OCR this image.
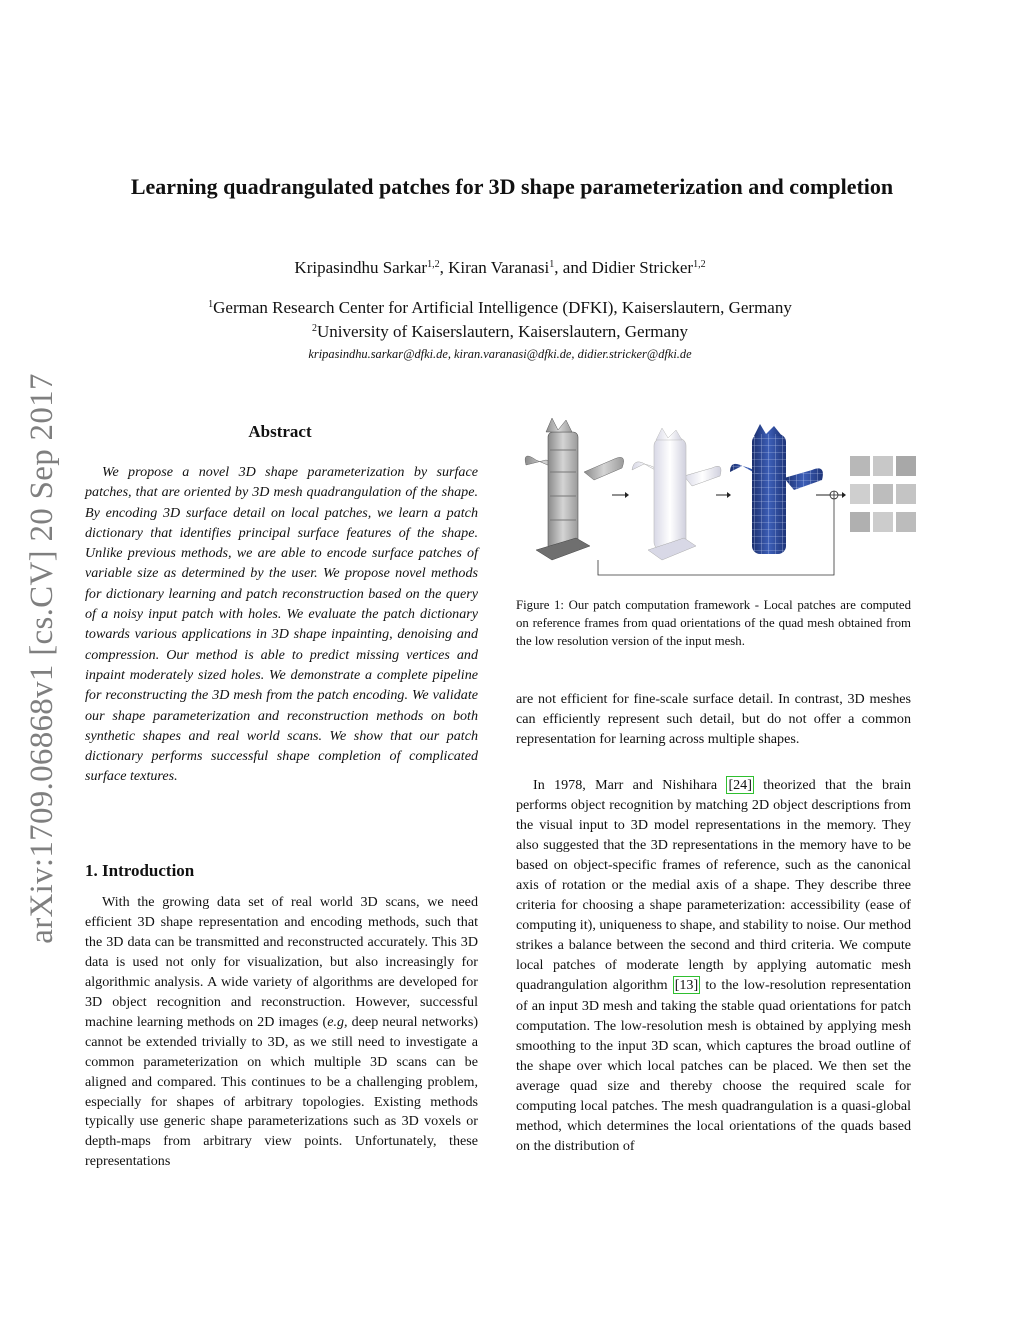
arXiv:1709.06868v1 [cs.CV] 20 Sep 2017
Learning quadrangulated patches for 3D shape parameterization and completion
Kripasindhu Sarkar$^{1,2}$, Kiran Varanasi$^1$, and Didier Stricker$^{1,2}$
$^1$German Research Center for Artificial Intelligence (DFKI), Kaiserslautern, Germany
$^2$University of Kaiserslautern, Kaiserslautern, Germany
kripasindhu.sarkar@dfki.de, kiran.varanasi@dfki.de, didier.stricker@dfki.de
Abstract
We propose a novel 3D shape parameterization by surface patches, that are oriented by 3D mesh quadrangulation of the shape. By encoding 3D surface detail on local patches, we learn a patch dictionary that identifies principal surface features of the shape. Unlike previous methods, we are able to encode surface patches of variable size as determined by the user. We propose novel methods for dictionary learning and patch reconstruction based on the query of a noisy input patch with holes. We evaluate the patch dictionary towards various applications in 3D shape inpainting, denoising and compression. Our method is able to predict missing vertices and inpaint moderately sized holes. We demonstrate a complete pipeline for reconstructing the 3D mesh from the patch encoding. We validate our shape parameterization and reconstruction methods on both synthetic shapes and real world scans. We show that our patch dictionary performs successful shape completion of complicated surface textures.
1. Introduction
With the growing data set of real world 3D scans, we need efficient 3D shape representation and encoding methods, such that the 3D data can be transmitted and reconstructed accurately. This 3D data is used not only for visualization, but also increasingly for algorithmic analysis. A wide variety of algorithms are developed for 3D object recognition and reconstruction. However, successful machine learning methods on 2D images (e.g, deep neural networks) cannot be extended trivially to 3D, as we still need to investigate a common parameterization on which multiple 3D scans can be aligned and compared. This continues to be a challenging problem, especially for shapes of arbitrary topologies. Existing methods typically use generic shape parameterizations such as 3D voxels or depth-maps from arbitrary view points. Unfortunately, these representations
Figure 1: Our patch computation framework - Local patches are computed on reference frames from quad orientations of the quad mesh obtained from the low resolution version of the input mesh.
are not efficient for fine-scale surface detail. In contrast, 3D meshes can efficiently represent such detail, but do not offer a common representation for learning across multiple shapes.
In 1978, Marr and Nishihara [24] theorized that the brain performs object recognition by matching 2D object descriptions from the visual input to 3D model representations in the memory. They also suggested that the 3D representations in the memory have to be based on object-specific frames of reference, such as the canonical axis of rotation or the medial axis of a shape. They describe three criteria for choosing a shape parameterization: accessibility (ease of computing it), uniqueness to shape, and stability to noise. Our method strikes a balance between the second and third criteria. We compute local patches of moderate length by applying automatic mesh quadrangulation algorithm [13] to the low-resolution representation of an input 3D mesh and taking the stable quad orientations for patch computation. The low-resolution mesh is obtained by applying mesh smoothing to the input 3D scan, which captures the broad outline of the shape over which local patches can be placed. We then set the average quad size and thereby choose the required scale for computing local patches. The mesh quadrangulation is a quasi-global method, which determines the local orientations of the quads based on the distribution of
